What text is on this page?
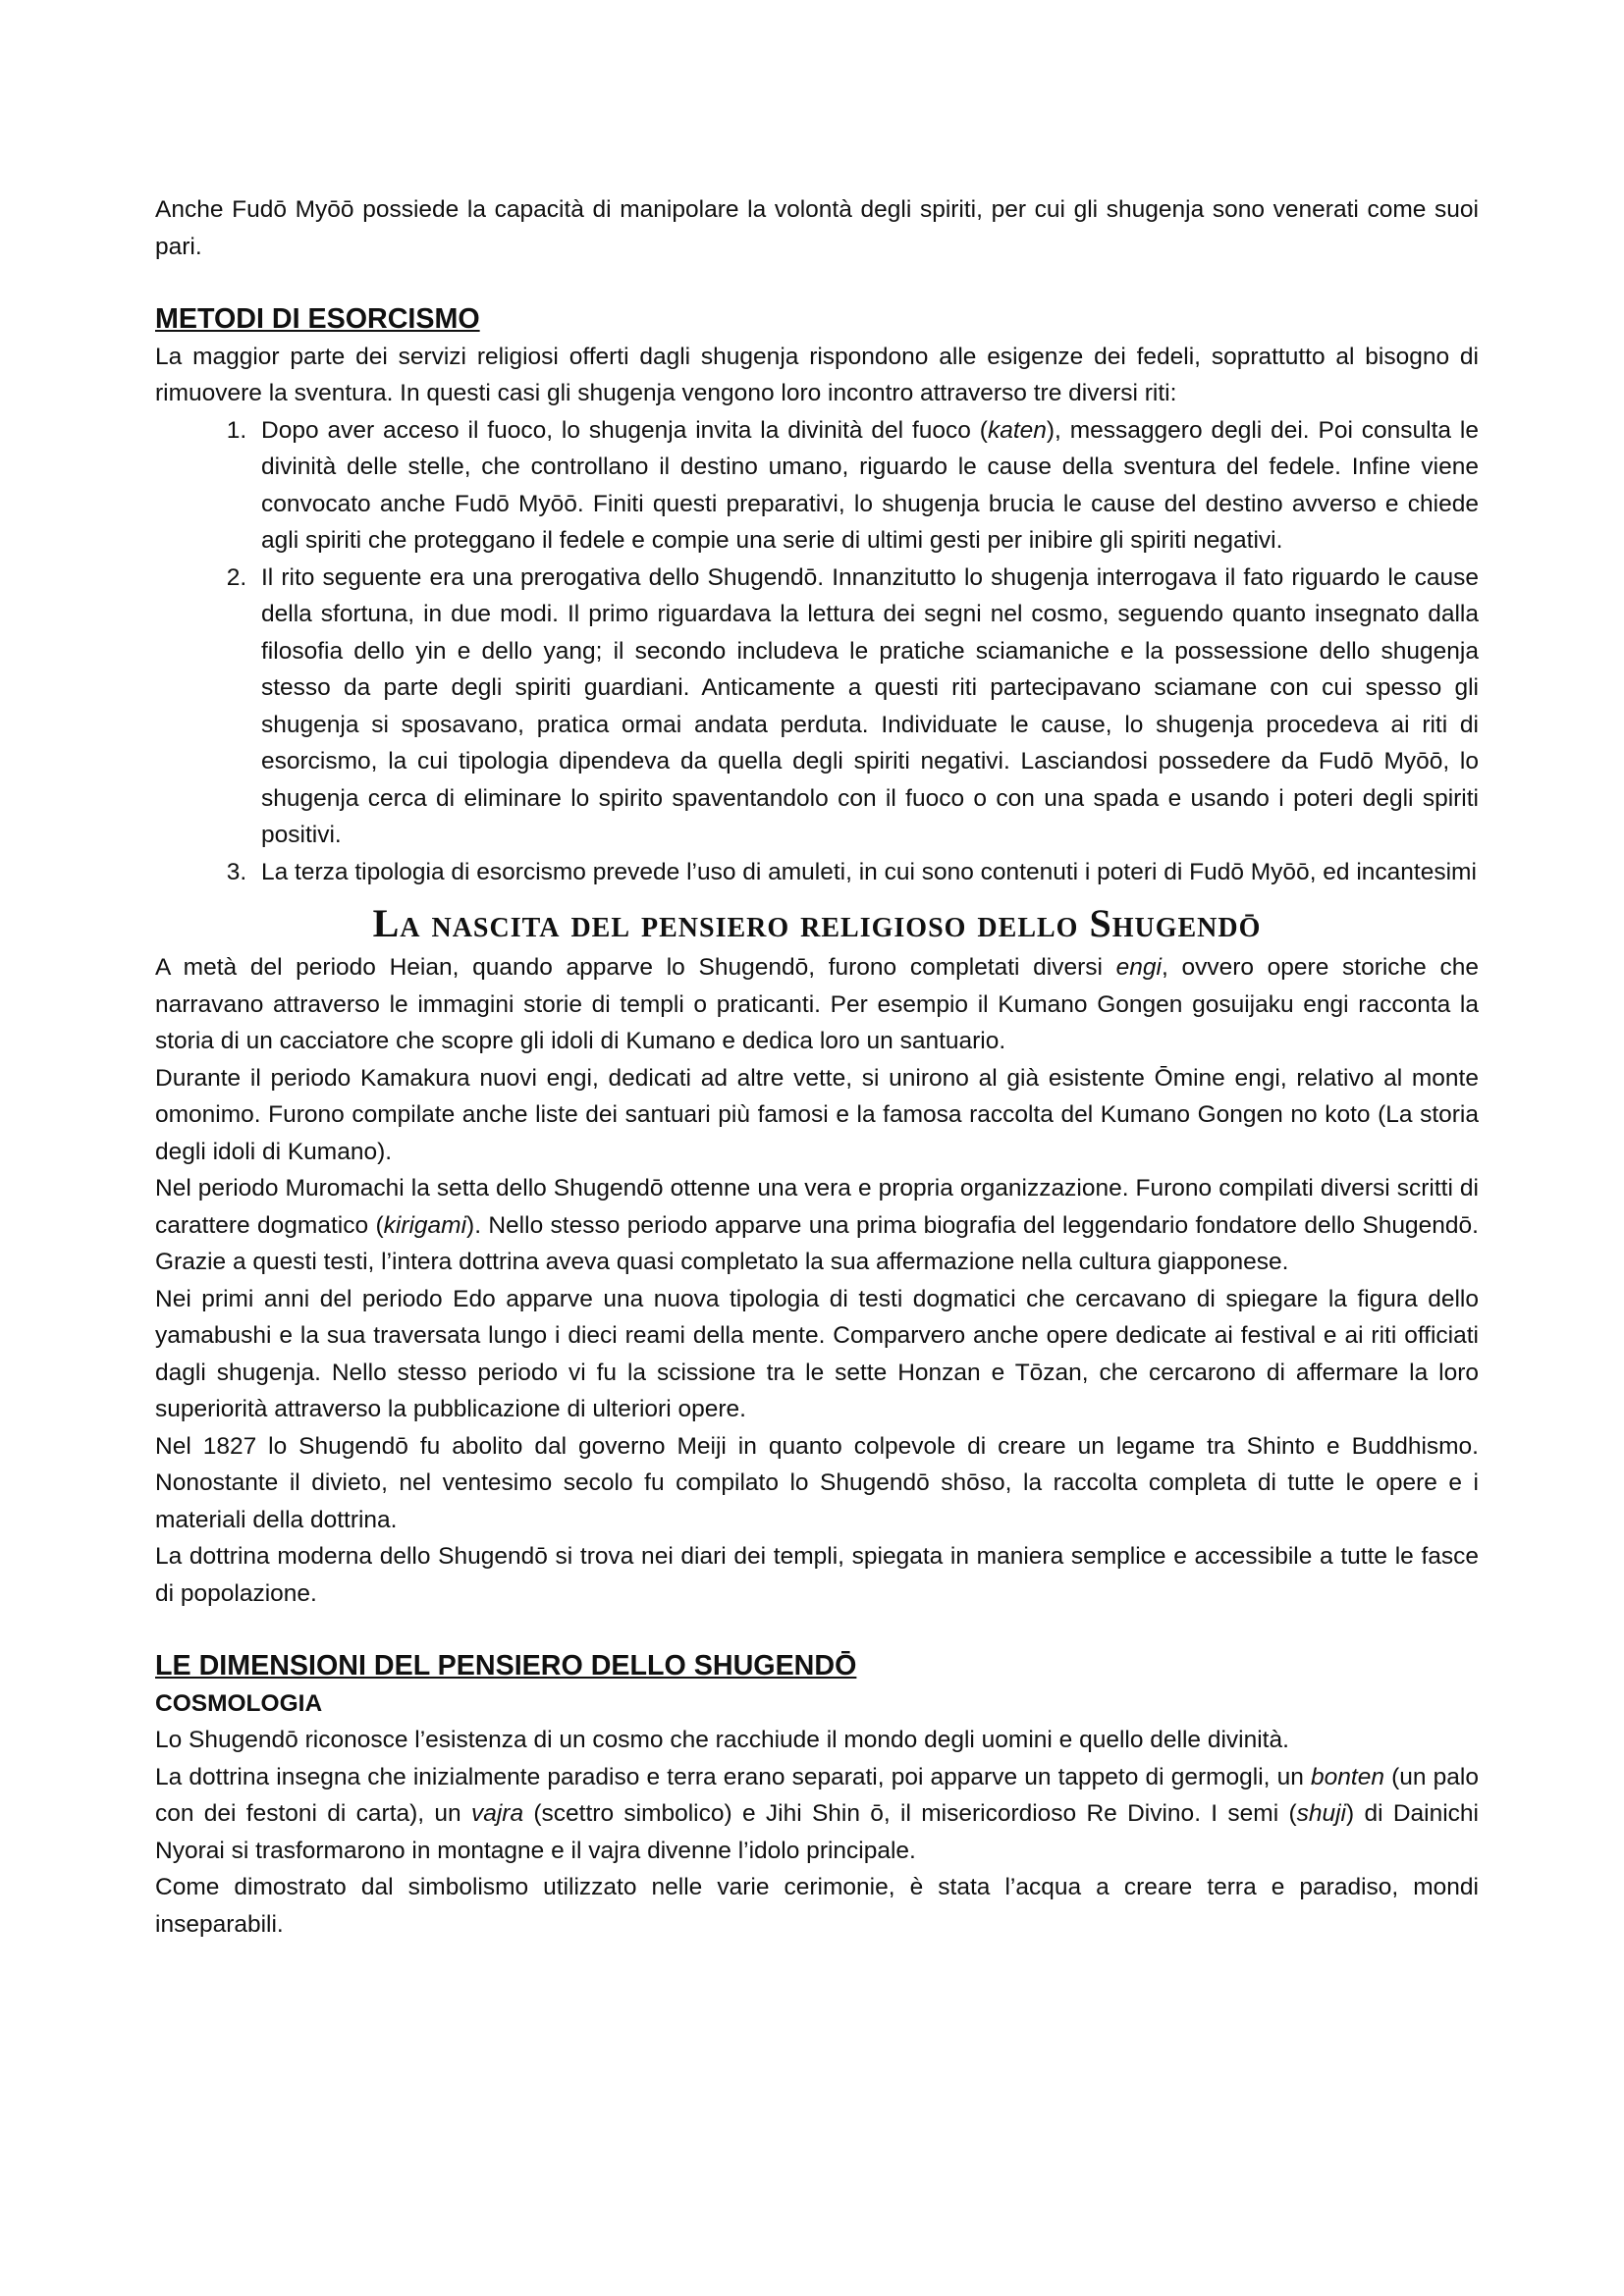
Anche Fudō Myōō possiede la capacità di manipolare la volontà degli spiriti, per cui gli shugenja sono venerati come suoi pari.

METODI DI ESORCISMO

La maggior parte dei servizi religiosi offerti dagli shugenja rispondono alle esigenze dei fedeli, soprattutto al bisogno di rimuovere la sventura. In questi casi gli shugenja vengono loro incontro attraverso tre diversi riti:

1. Dopo aver acceso il fuoco, lo shugenja invita la divinità del fuoco (katen), messaggero degli dei. Poi consulta le divinità delle stelle, che controllano il destino umano, riguardo le cause della sventura del fedele. Infine viene convocato anche Fudō Myōō. Finiti questi preparativi, lo shugenja brucia le cause del destino avverso e chiede agli spiriti che proteggano il fedele e compie una serie di ultimi gesti per inibire gli spiriti negativi.
2. Il rito seguente era una prerogativa dello Shugendō. Innanzitutto lo shugenja interrogava il fato riguardo le cause della sfortuna, in due modi. Il primo riguardava la lettura dei segni nel cosmo, seguendo quanto insegnato dalla filosofia dello yin e dello yang; il secondo includeva le pratiche sciamaniche e la possessione dello shugenja stesso da parte degli spiriti guardiani. Anticamente a questi riti partecipavano sciamane con cui spesso gli shugenja si sposavano, pratica ormai andata perduta. Individuate le cause, lo shugenja procedeva ai riti di esorcismo, la cui tipologia dipendeva da quella degli spiriti negativi. Lasciandosi possedere da Fudō Myōō, lo shugenja cerca di eliminare lo spirito spaventandolo con il fuoco o con una spada e usando i poteri degli spiriti positivi.
3. La terza tipologia di esorcismo prevede l’uso di amuleti, in cui sono contenuti i poteri di Fudō Myōō, ed incantesimi
La nascita del pensiero religioso dello Shugendō

A metà del periodo Heian, quando apparve lo Shugendō, furono completati diversi engi, ovvero opere storiche che narravano attraverso le immagini storie di templi o praticanti. Per esempio il Kumano Gongen gosuijaku engi racconta la storia di un cacciatore che scopre gli idoli di Kumano e dedica loro un santuario.

Durante il periodo Kamakura nuovi engi, dedicati ad altre vette, si unirono al già esistente Ōmine engi, relativo al monte omonimo. Furono compilate anche liste dei santuari più famosi e la famosa raccolta del Kumano Gongen no koto (La storia degli idoli di Kumano).

Nel periodo Muromachi la setta dello Shugendō ottenne una vera e propria organizzazione. Furono compilati diversi scritti di carattere dogmatico (kirigami). Nello stesso periodo apparve una prima biografia del leggendario fondatore dello Shugendō. Grazie a questi testi, l’intera dottrina aveva quasi completato la sua affermazione nella cultura giapponese.

Nei primi anni del periodo Edo apparve una nuova tipologia di testi dogmatici che cercavano di spiegare la figura dello yamabushi e la sua traversata lungo i dieci reami della mente. Comparvero anche opere dedicate ai festival e ai riti officiati dagli shugenja. Nello stesso periodo vi fu la scissione tra le sette Honzan e Tōzan, che cercarono di affermare la loro superiorità attraverso la pubblicazione di ulteriori opere.

Nel 1827 lo Shugendō fu abolito dal governo Meiji in quanto colpevole di creare un legame tra Shinto e Buddhismo. Nonostante il divieto, nel ventesimo secolo fu compilato lo Shugendō shōso, la raccolta completa di tutte le opere e i materiali della dottrina.

La dottrina moderna dello Shugendō si trova nei diari dei templi, spiegata in maniera semplice e accessibile a tutte le fasce di popolazione.

LE DIMENSIONI DEL PENSIERO DELLO SHUGENDŌ
COSMOLOGIA

Lo Shugendō riconosce l’esistenza di un cosmo che racchiude il mondo degli uomini e quello delle divinità.

La dottrina insegna che inizialmente paradiso e terra erano separati, poi apparve un tappeto di germogli, un bonten (un palo con dei festoni di carta), un vajra (scettro simbolico) e Jihi Shin ō, il misericordioso Re Divino. I semi (shuji) di Dainichi Nyorai si trasformarono in montagne e il vajra divenne l’idolo principale.

Come dimostrato dal simbolismo utilizzato nelle varie cerimonie, è stata l’acqua a creare terra e paradiso, mondi inseparabili.
